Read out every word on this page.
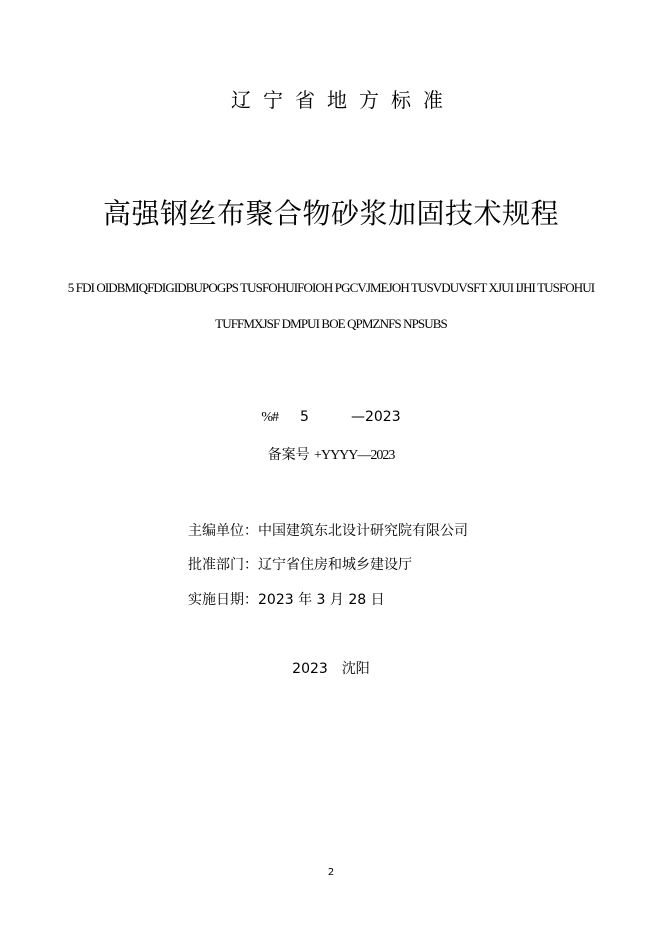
辽宁省地方标准
高强钢丝布聚合物砂浆加固技术规程
5 FDI OIDBMIQFDIGIDBUPOGPS TUSFOHUIFOIOH PGCVJMEJOH TUSVDUVSFT XJUI IJHI TUSFOHUI
TUFFMXJSF DMPUI BOE QPMZNFS NPSUBS
%# 5	—2023
备案号 +YYYY—2023
主编单位：中国建筑东北设计研究院有限公司
批准部门：辽宁省住房和城乡建设厅
实施日期：2023 年 3 月 28 日
2023 沈阳
2
